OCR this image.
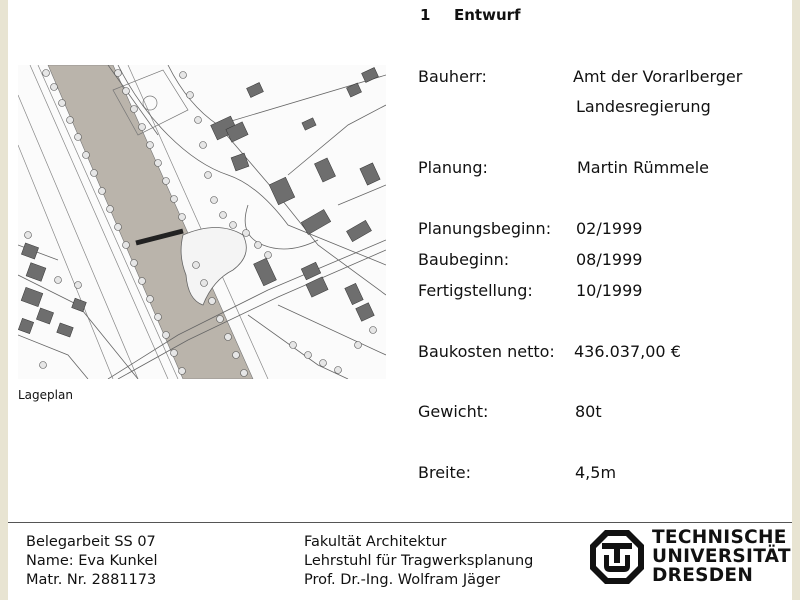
1 Entwurf
Bauherr:	Amt der Vorarlberger
Landesregierung
Planung:	Martin Rümmele
Planungsbeginn: 02/1999
Baubeginn:	08/1999
Fertigstellung:	10/1999
Baukosten netto: 436.037,00 €
Gewicht:	80t
Breite:	4,5m
Lageplan
Belegarbeit SS 07
Name: Eva Kunkel
Matr. Nr. 2881173
Fakultät Architektur
Lehrstuhl für Tragwerksplanung
Prof. Dr.-Ing. Wolfram Jäger
TECHNISCHE
UNIVERSITÄT
DRESDEN
